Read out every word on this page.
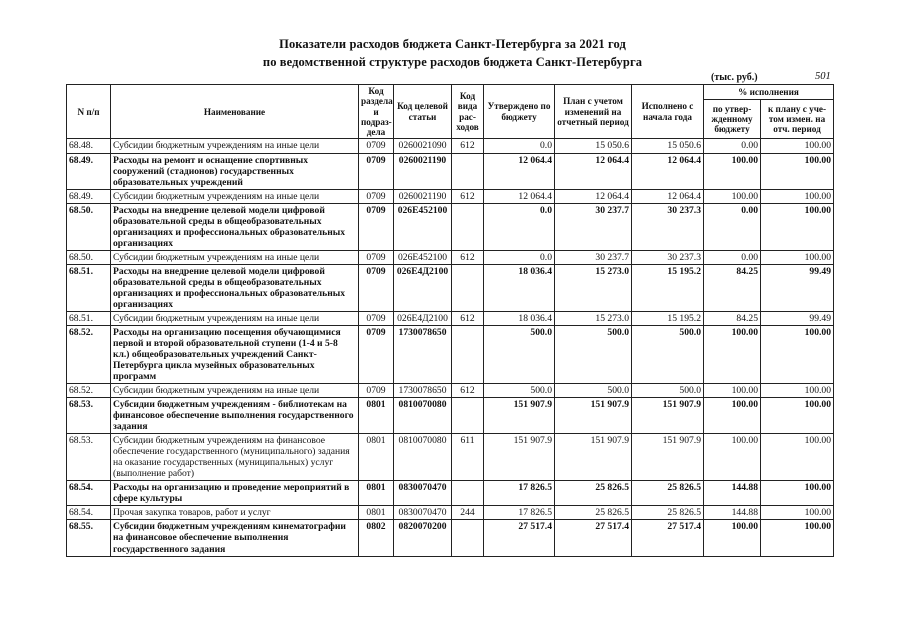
Показатели расходов бюджета Санкт-Петербурга за 2021 год
по ведомственной структуре расходов бюджета Санкт-Петербурга
(тыс. руб.)	501
N п/п	Наименование	Код раздела и подраз-дела	Код целевой статьи	Код вида рас-ходов	Утверждено по бюджету	План с учетом изменений на отчетный период	Исполнено с начала года	% исполнения	
								по утвер-жденному бюджету	к плану с уче-том измен. на отч. период
68.48.	Субсидии бюджетным учреждениям на иные цели	0709	0260021090	612	0.0	15 050.6	15 050.6	0.00	100.00
68.49.	Расходы на ремонт и оснащение спортивных сооружений (стадионов) государственных образовательных учреждений	0709	0260021190		12 064.4	12 064.4	12 064.4	100.00	100.00
68.49.	Субсидии бюджетным учреждениям на иные цели	0709	0260021190	612	12 064.4	12 064.4	12 064.4	100.00	100.00
68.50.	Расходы на внедрение целевой модели цифровой образовательной среды в общеобразовательных организациях и профессиональных образовательных организациях	0709	026E452100		0.0	30 237.7	30 237.3	0.00	100.00
68.50.	Субсидии бюджетным учреждениям на иные цели	0709	026E452100	612	0.0	30 237.7	30 237.3	0.00	100.00
68.51.	Расходы на внедрение целевой модели цифровой образовательной среды в общеобразовательных организациях и профессиональных образовательных организациях	0709	026E4Д2100		18 036.4	15 273.0	15 195.2	84.25	99.49
68.51.	Субсидии бюджетным учреждениям на иные цели	0709	026E4Д2100	612	18 036.4	15 273.0	15 195.2	84.25	99.49
68.52.	Расходы на организацию посещения обучающимися первой и второй образовательной ступени (1-4 и 5-8 кл.) общеобразовательных учреждений Санкт-Петербурга цикла музейных образовательных программ	0709	1730078650		500.0	500.0	500.0	100.00	100.00
68.52.	Субсидии бюджетным учреждениям на иные цели	0709	1730078650	612	500.0	500.0	500.0	100.00	100.00
68.53.	Субсидии бюджетным учреждениям - библиотекам на финансовое обеспечение выполнения государственного задания	0801	0810070080		151 907.9	151 907.9	151 907.9	100.00	100.00
68.53.	Субсидии бюджетным учреждениям на финансовое обеспечение государственного (муниципального) задания на оказание государственных (муниципальных) услуг (выполнение работ)	0801	0810070080	611	151 907.9	151 907.9	151 907.9	100.00	100.00
68.54.	Расходы на организацию и проведение мероприятий в сфере культуры	0801	0830070470		17 826.5	25 826.5	25 826.5	144.88	100.00
68.54.	Прочая закупка товаров, работ и услуг	0801	0830070470	244	17 826.5	25 826.5	25 826.5	144.88	100.00
68.55.	Субсидии бюджетным учреждениям кинематографии на финансовое обеспечение выполнения государственного задания	0802	0820070200		27 517.4	27 517.4	27 517.4	100.00	100.00
